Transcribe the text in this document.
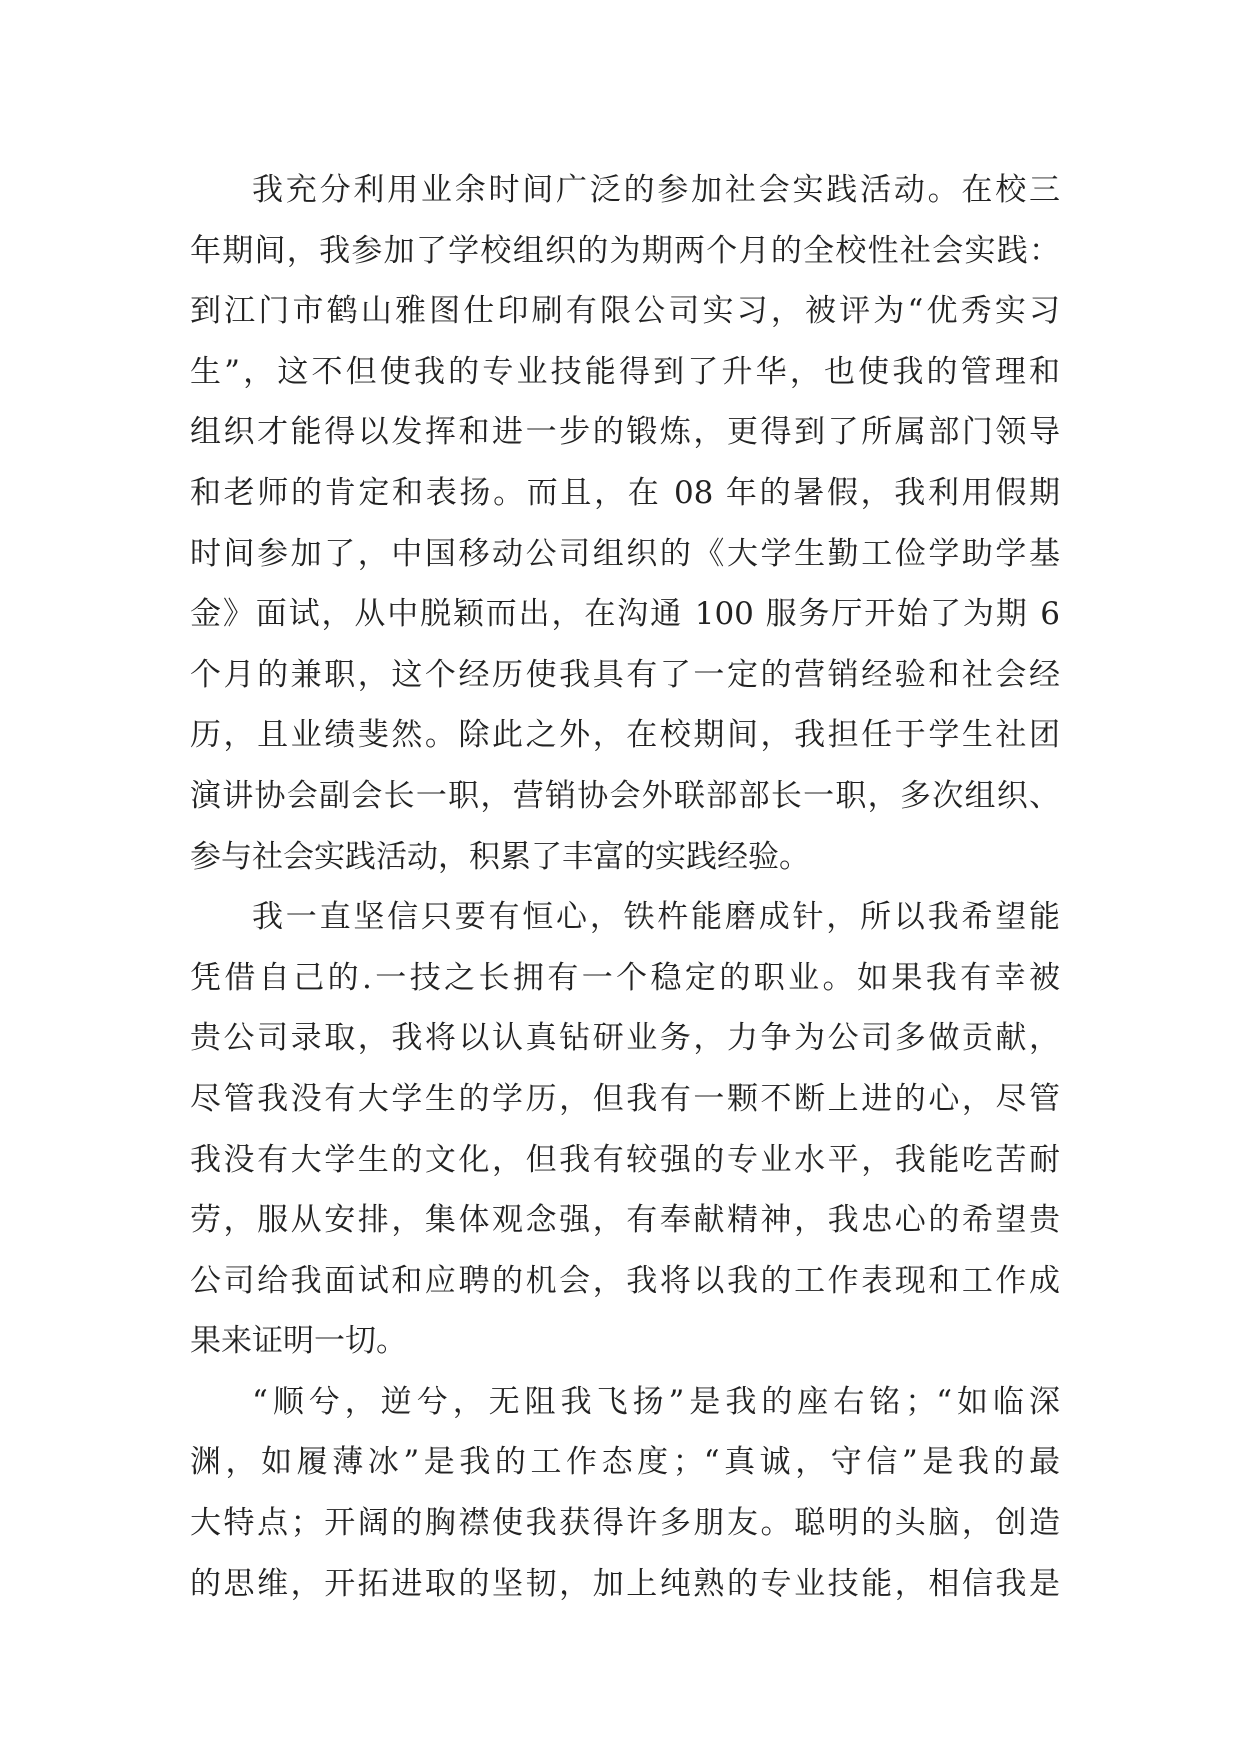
我充分利用业余时间广泛的参加社会实践活动。在校三
年期间，我参加了学校组织的为期两个月的全校性社会实践：
到江门市鹤山雅图仕印刷有限公司实习，被评为“优秀实习
生”，这不但使我的专业技能得到了升华，也使我的管理和
组织才能得以发挥和进一步的锻炼，更得到了所属部门领导
和老师的肯定和表扬。而且，在 08 年的暑假，我利用假期
时间参加了，中国移动公司组织的《大学生勤工俭学助学基
金》面试，从中脱颖而出，在沟通 100 服务厅开始了为期 6
个月的兼职，这个经历使我具有了一定的营销经验和社会经
历，且业绩斐然。除此之外，在校期间，我担任于学生社团
演讲协会副会长一职，营销协会外联部部长一职，多次组织、
参与社会实践活动，积累了丰富的实践经验。
我一直坚信只要有恒心，铁杵能磨成针，所以我希望能
凭借自己的.一技之长拥有一个稳定的职业。如果我有幸被
贵公司录取，我将以认真钻研业务，力争为公司多做贡献，
尽管我没有大学生的学历，但我有一颗不断上进的心，尽管
我没有大学生的文化，但我有较强的专业水平，我能吃苦耐
劳，服从安排，集体观念强，有奉献精神，我忠心的希望贵
公司给我面试和应聘的机会，我将以我的工作表现和工作成
果来证明一切。
“顺兮，逆兮，无阻我飞扬”是我的座右铭；“如临深
渊，如履薄冰”是我的工作态度；“真诚，守信”是我的最
大特点；开阔的胸襟使我获得许多朋友。聪明的头脑，创造
的思维，开拓进取的坚韧，加上纯熟的专业技能，相信我是
